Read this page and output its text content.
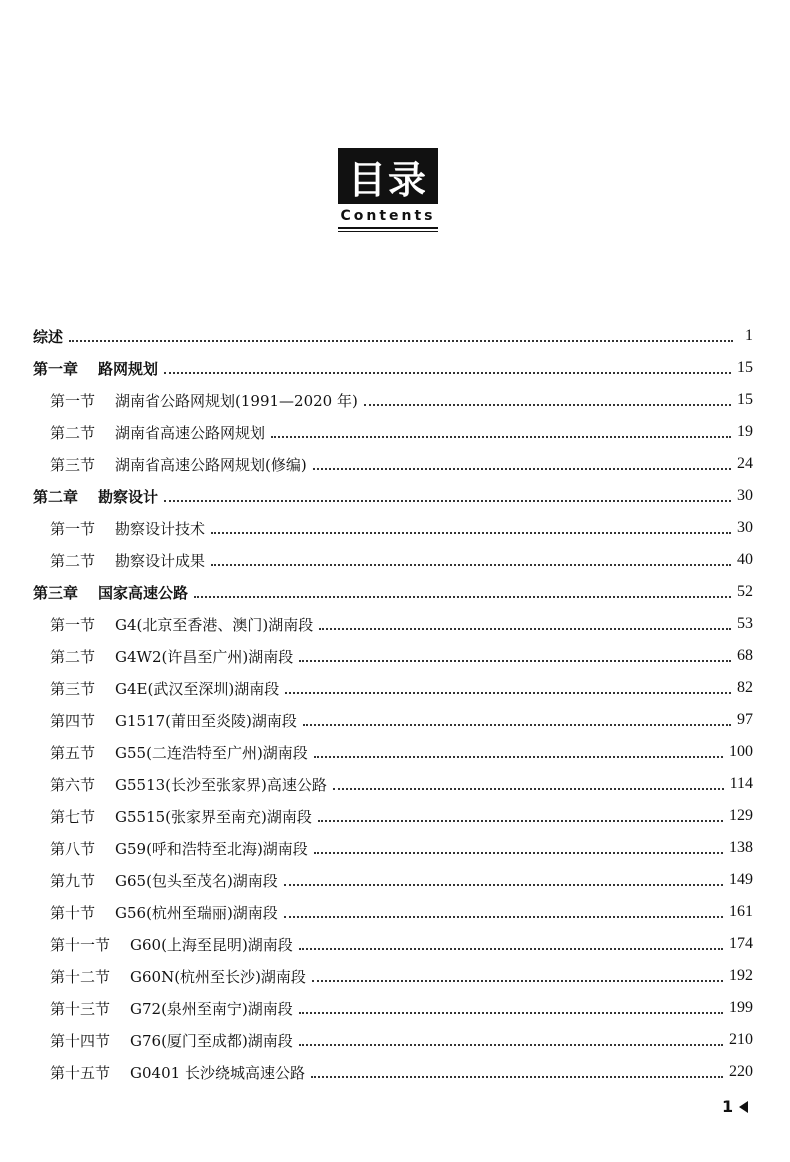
目录
Contents
综述	1
第一章 路网规划	15
第一节 湖南省公路网规划(1991—2020 年)	15
第二节 湖南省高速公路网规划	19
第三节 湖南省高速公路网规划(修编)	24
第二章 勘察设计	30
第一节 勘察设计技术	30
第二节 勘察设计成果	40
第三章 国家高速公路	52
第一节 G4(北京至香港、澳门)湖南段	53
第二节 G4W2(许昌至广州)湖南段	68
第三节 G4E(武汉至深圳)湖南段	82
第四节 G1517(莆田至炎陵)湖南段	97
第五节 G55(二连浩特至广州)湖南段	100
第六节 G5513(长沙至张家界)高速公路	114
第七节 G5515(张家界至南充)湖南段	129
第八节 G59(呼和浩特至北海)湖南段	138
第九节 G65(包头至茂名)湖南段	149
第十节 G56(杭州至瑞丽)湖南段	161
第十一节 G60(上海至昆明)湖南段	174
第十二节 G60N(杭州至长沙)湖南段	192
第十三节 G72(泉州至南宁)湖南段	199
第十四节 G76(厦门至成都)湖南段	210
第十五节 G0401 长沙绕城高速公路	220
1
